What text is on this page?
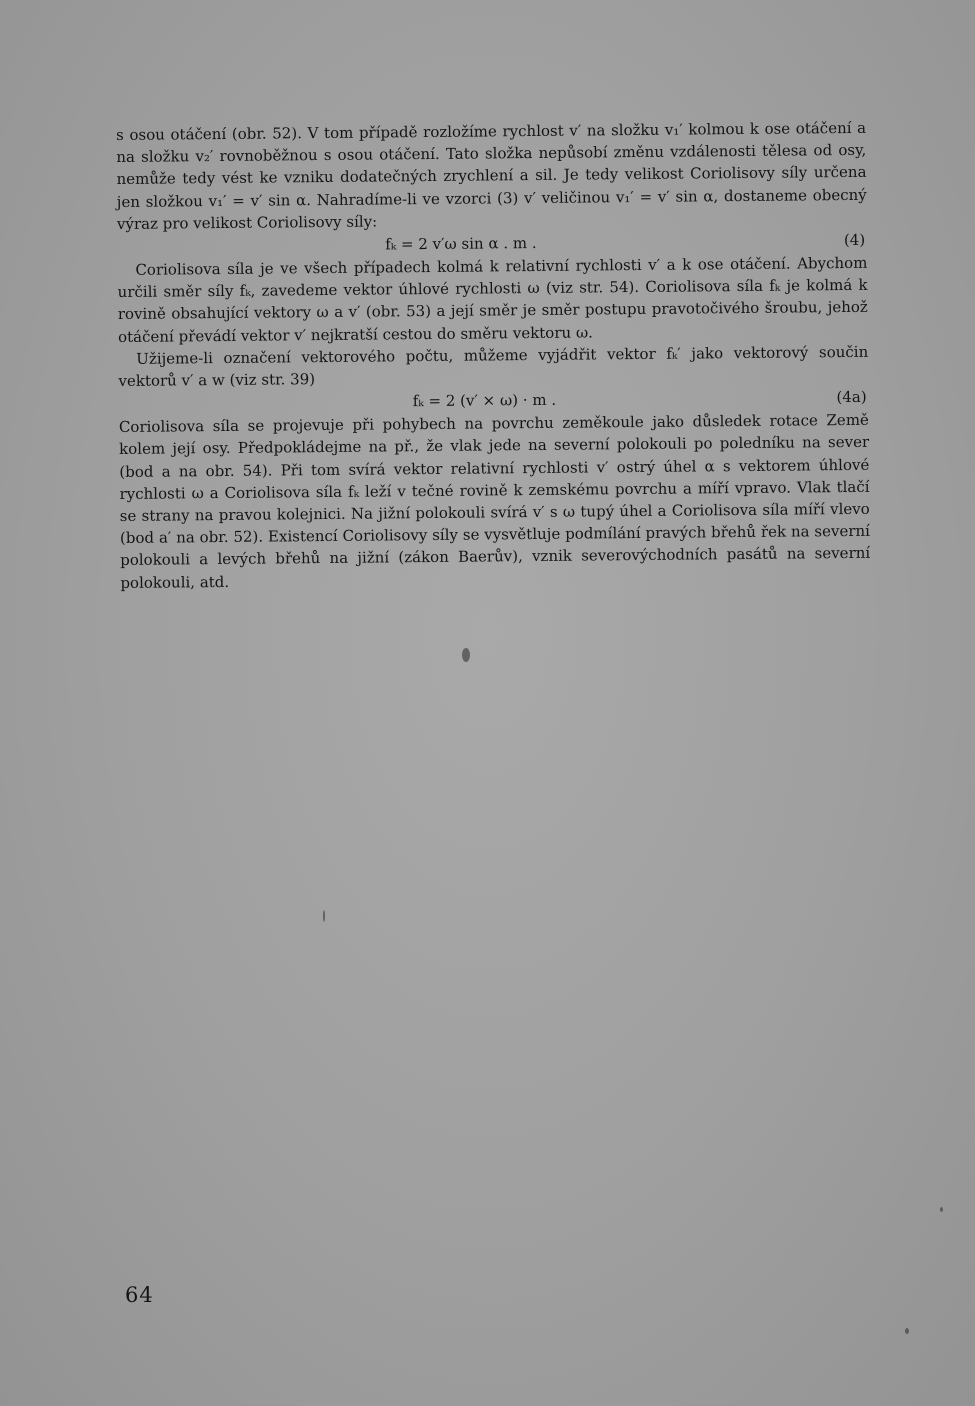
s osou otáčení (obr. 52). V tom případě rozložíme rychlost v′ na složku v₁′ kolmou k ose otáčení a na složku v₂′ rovnoběžnou s osou otáčení. Tato složka nepůsobí změnu vzdálenosti tělesa od osy, nemůže tedy vést ke vzniku dodatečných zrychlení a sil. Je tedy velikost Coriolisovy síly určena jen složkou v₁′ = v′ sin α. Nahradíme-li ve vzorci (3) v′ veličinou v₁′ = v′ sin α, dostaneme obecný výraz pro velikost Coriolisovy síly:

fₖ = 2 v′ω sin α . m .	(4)

Coriolisova síla je ve všech případech kolmá k relativní rychlosti v′ a k ose otáčení. Abychom určili směr síly fₖ, zavedeme vektor úhlové rychlosti ω (viz str. 54). Coriolisova síla fₖ je kolmá k rovině obsahující vektory ω a v′ (obr. 53) a její směr je směr postupu pravotočivého šroubu, jehož otáčení převádí vektor v′ nejkratší cestou do směru vektoru ω.

Užijeme-li označení vektorového počtu, můžeme vyjádřit vektor fₖ′ jako vektorový součin vektorů v′ a w (viz str. 39)

fₖ = 2 (v′ × ω) · m .	(4a)

Coriolisova síla se projevuje při pohybech na povrchu zeměkoule jako důsledek rotace Země kolem její osy. Předpokládejme na př., že vlak jede na severní polokouli po poledníku na sever (bod a na obr. 54). Při tom svírá vektor relativní rychlosti v′ ostrý úhel α s vektorem úhlové rychlosti ω a Coriolisova síla fₖ leží v tečné rovině k zemskému povrchu a míří vpravo. Vlak tlačí se strany na pravou kolejnici. Na jižní polokouli svírá v′ s ω tupý úhel a Coriolisova síla míří vlevo (bod a′ na obr. 52). Existencí Coriolisovy síly se vysvětluje podmílání pravých břehů řek na severní polokouli a levých břehů na jižní (zákon Baerův), vznik severovýchodních pasátů na severní polokouli, atd.

64
